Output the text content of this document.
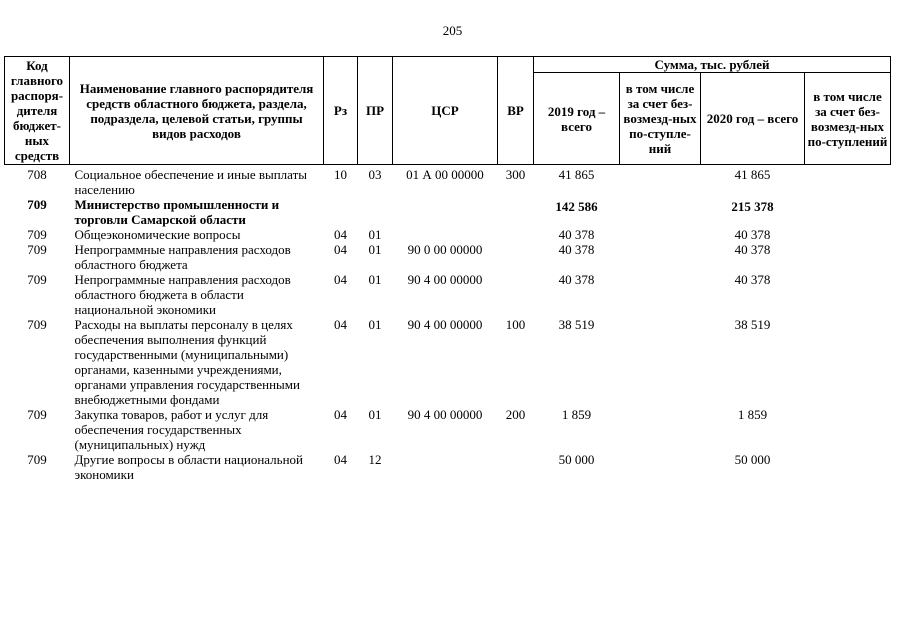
205
Код главного распоря-дителя бюджет-ных средств	Наименование главного распорядителя средств областного бюджета, раздела, подраздела, целевой статьи, группы видов расходов	Рз	ПР	ЦСР	ВР	Сумма, тыс. рублей			
						2019 год – всего	в том числе за счет без-возмезд-ных по-ступле-ний	2020 год – всего	в том числе за счет без-возмезд-ных по-ступлений
708	Социальное обеспечение и иные выплаты населению	10	03	01 А 00 00000	300	41 865		41 865	
709	Министерство промышленности и торговли Самарской области					142 586		215 378	
709	Общеэкономические вопросы	04	01			40 378		40 378	
709	Непрограммные направления расходов областного бюджета	04	01	90 0 00 00000		40 378		40 378	
709	Непрограммные направления расходов областного бюджета в области национальной экономики	04	01	90 4 00 00000		40 378		40 378	
709	Расходы на выплаты персоналу в целях обеспечения выполнения функций государственными (муниципальными) органами, казенными учреждениями, органами управления государственными внебюджетными фондами	04	01	90 4 00 00000	100	38 519		38 519	
709	Закупка товаров, работ и услуг для обеспечения государственных (муниципальных) нужд	04	01	90 4 00 00000	200	1 859		1 859	
709	Другие вопросы в области национальной экономики	04	12			50 000		50 000	
